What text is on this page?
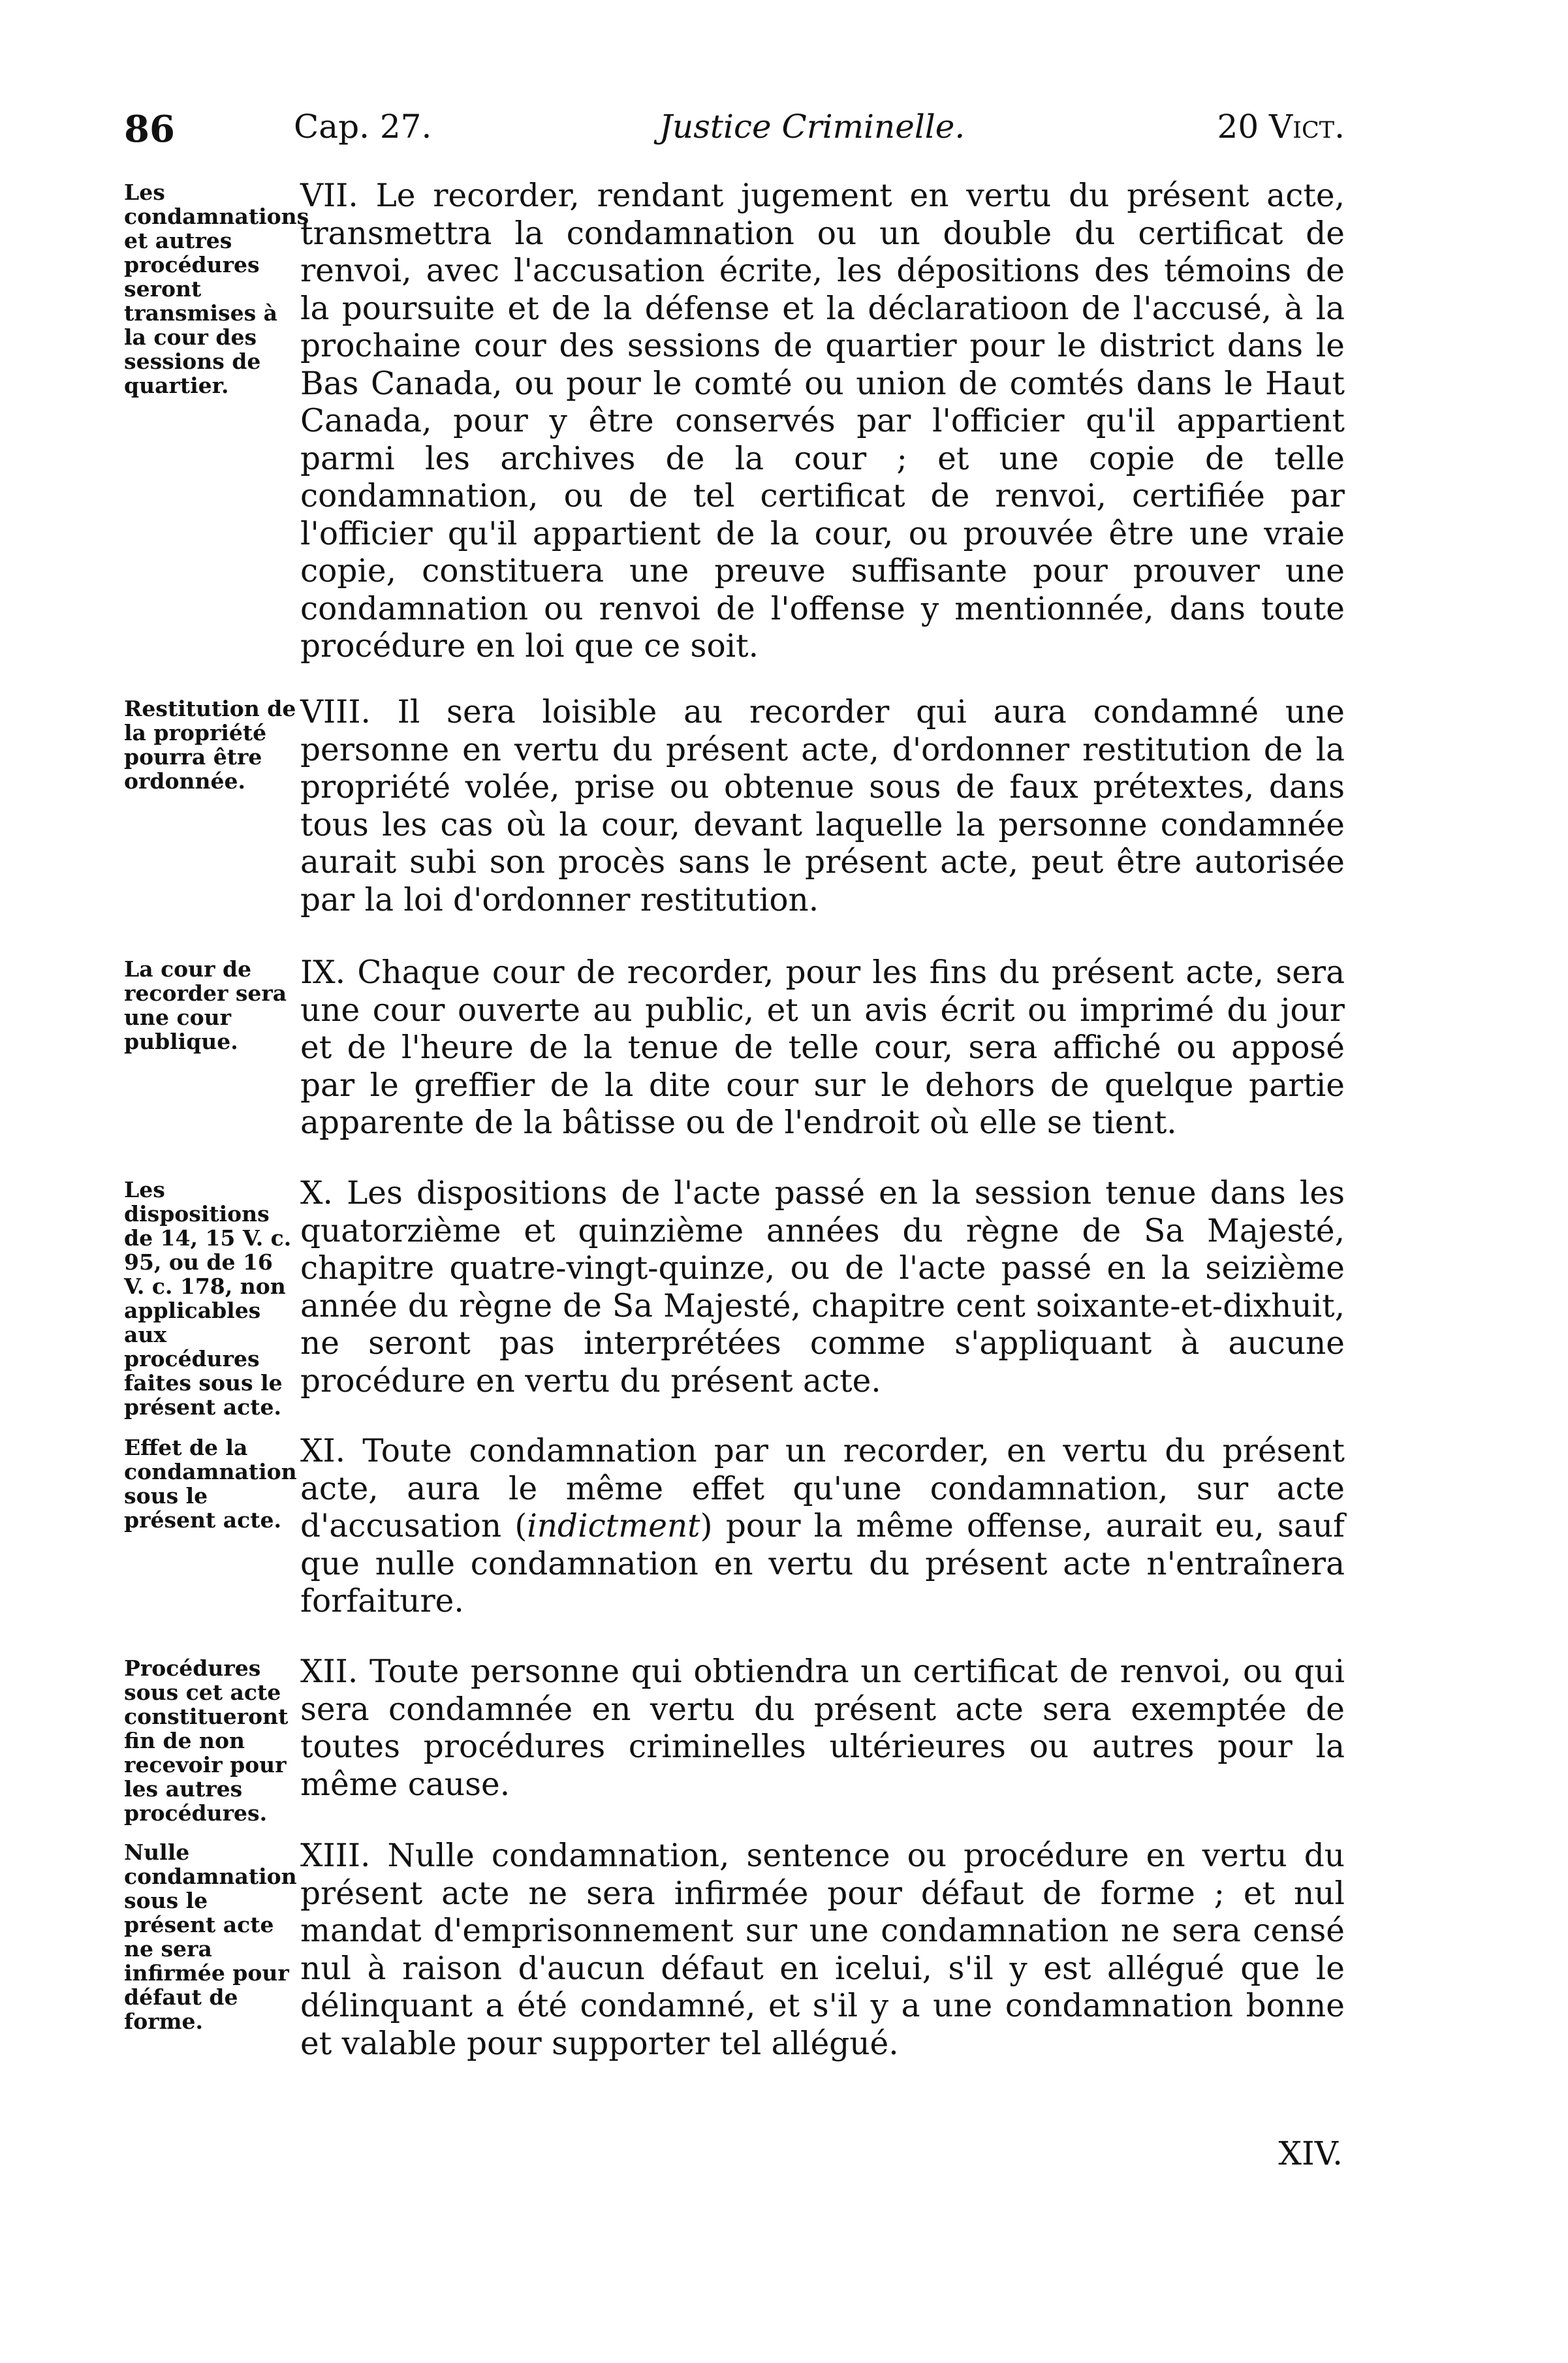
86	Cap. 27.	Justice Criminelle.	20 Vict.
Les condamnations et autres procédures seront transmises à la cour des sessions de quartier.

VII. Le recorder, rendant jugement en vertu du présent acte, transmettra la condamnation ou un double du certificat de renvoi, avec l'accusation écrite, les dépositions des témoins de la poursuite et de la défense et la déclaratioon de l'accusé, à la prochaine cour des sessions de quartier pour le district dans le Bas Canada, ou pour le comté ou union de comtés dans le Haut Canada, pour y être conservés par l'officier qu'il appartient parmi les archives de la cour ; et une copie de telle condamnation, ou de tel certificat de renvoi, certifiée par l'officier qu'il appartient de la cour, ou prouvée être une vraie copie, constituera une preuve suffisante pour prouver une condamnation ou renvoi de l'offense y mentionnée, dans toute procédure en loi que ce soit.

Restitution de la propriété pourra être ordonnée.

VIII. Il sera loisible au recorder qui aura condamné une personne en vertu du présent acte, d'ordonner restitution de la propriété volée, prise ou obtenue sous de faux prétextes, dans tous les cas où la cour, devant laquelle la personne condamnée aurait subi son procès sans le présent acte, peut être autorisée par la loi d'ordonner restitution.

La cour de recorder sera une cour publique.

IX. Chaque cour de recorder, pour les fins du présent acte, sera une cour ouverte au public, et un avis écrit ou imprimé du jour et de l'heure de la tenue de telle cour, sera affiché ou apposé par le greffier de la dite cour sur le dehors de quelque partie apparente de la bâtisse ou de l'endroit où elle se tient.

Les dispositions de 14, 15 V. c. 95, ou de 16 V. c. 178, non applicables aux procédures faites sous le présent acte.

X. Les dispositions de l'acte passé en la session tenue dans les quatorzième et quinzième années du règne de Sa Majesté, chapitre quatre-vingt-quinze, ou de l'acte passé en la seizième année du règne de Sa Majesté, chapitre cent soixante-et-dixhuit, ne seront pas interprétées comme s'appliquant à aucune procédure en vertu du présent acte.

Effet de la condamnation sous le présent acte.

XI. Toute condamnation par un recorder, en vertu du présent acte, aura le même effet qu'une condamnation, sur acte d'accusation (indictment) pour la même offense, aurait eu, sauf que nulle condamnation en vertu du présent acte n'entraînera forfaiture.

Procédures sous cet acte constitueront fin de non recevoir pour les autres procédures.

XII. Toute personne qui obtiendra un certificat de renvoi, ou qui sera condamnée en vertu du présent acte sera exemptée de toutes procédures criminelles ultérieures ou autres pour la même cause.

Nulle condamnation sous le présent acte ne sera infirmée pour défaut de forme.

XIII. Nulle condamnation, sentence ou procédure en vertu du présent acte ne sera infirmée pour défaut de forme ; et nul mandat d'emprisonnement sur une condamnation ne sera censé nul à raison d'aucun défaut en icelui, s'il y est allégué que le délinquant a été condamné, et s'il y a une condamnation bonne et valable pour supporter tel allégué.

XIV.
